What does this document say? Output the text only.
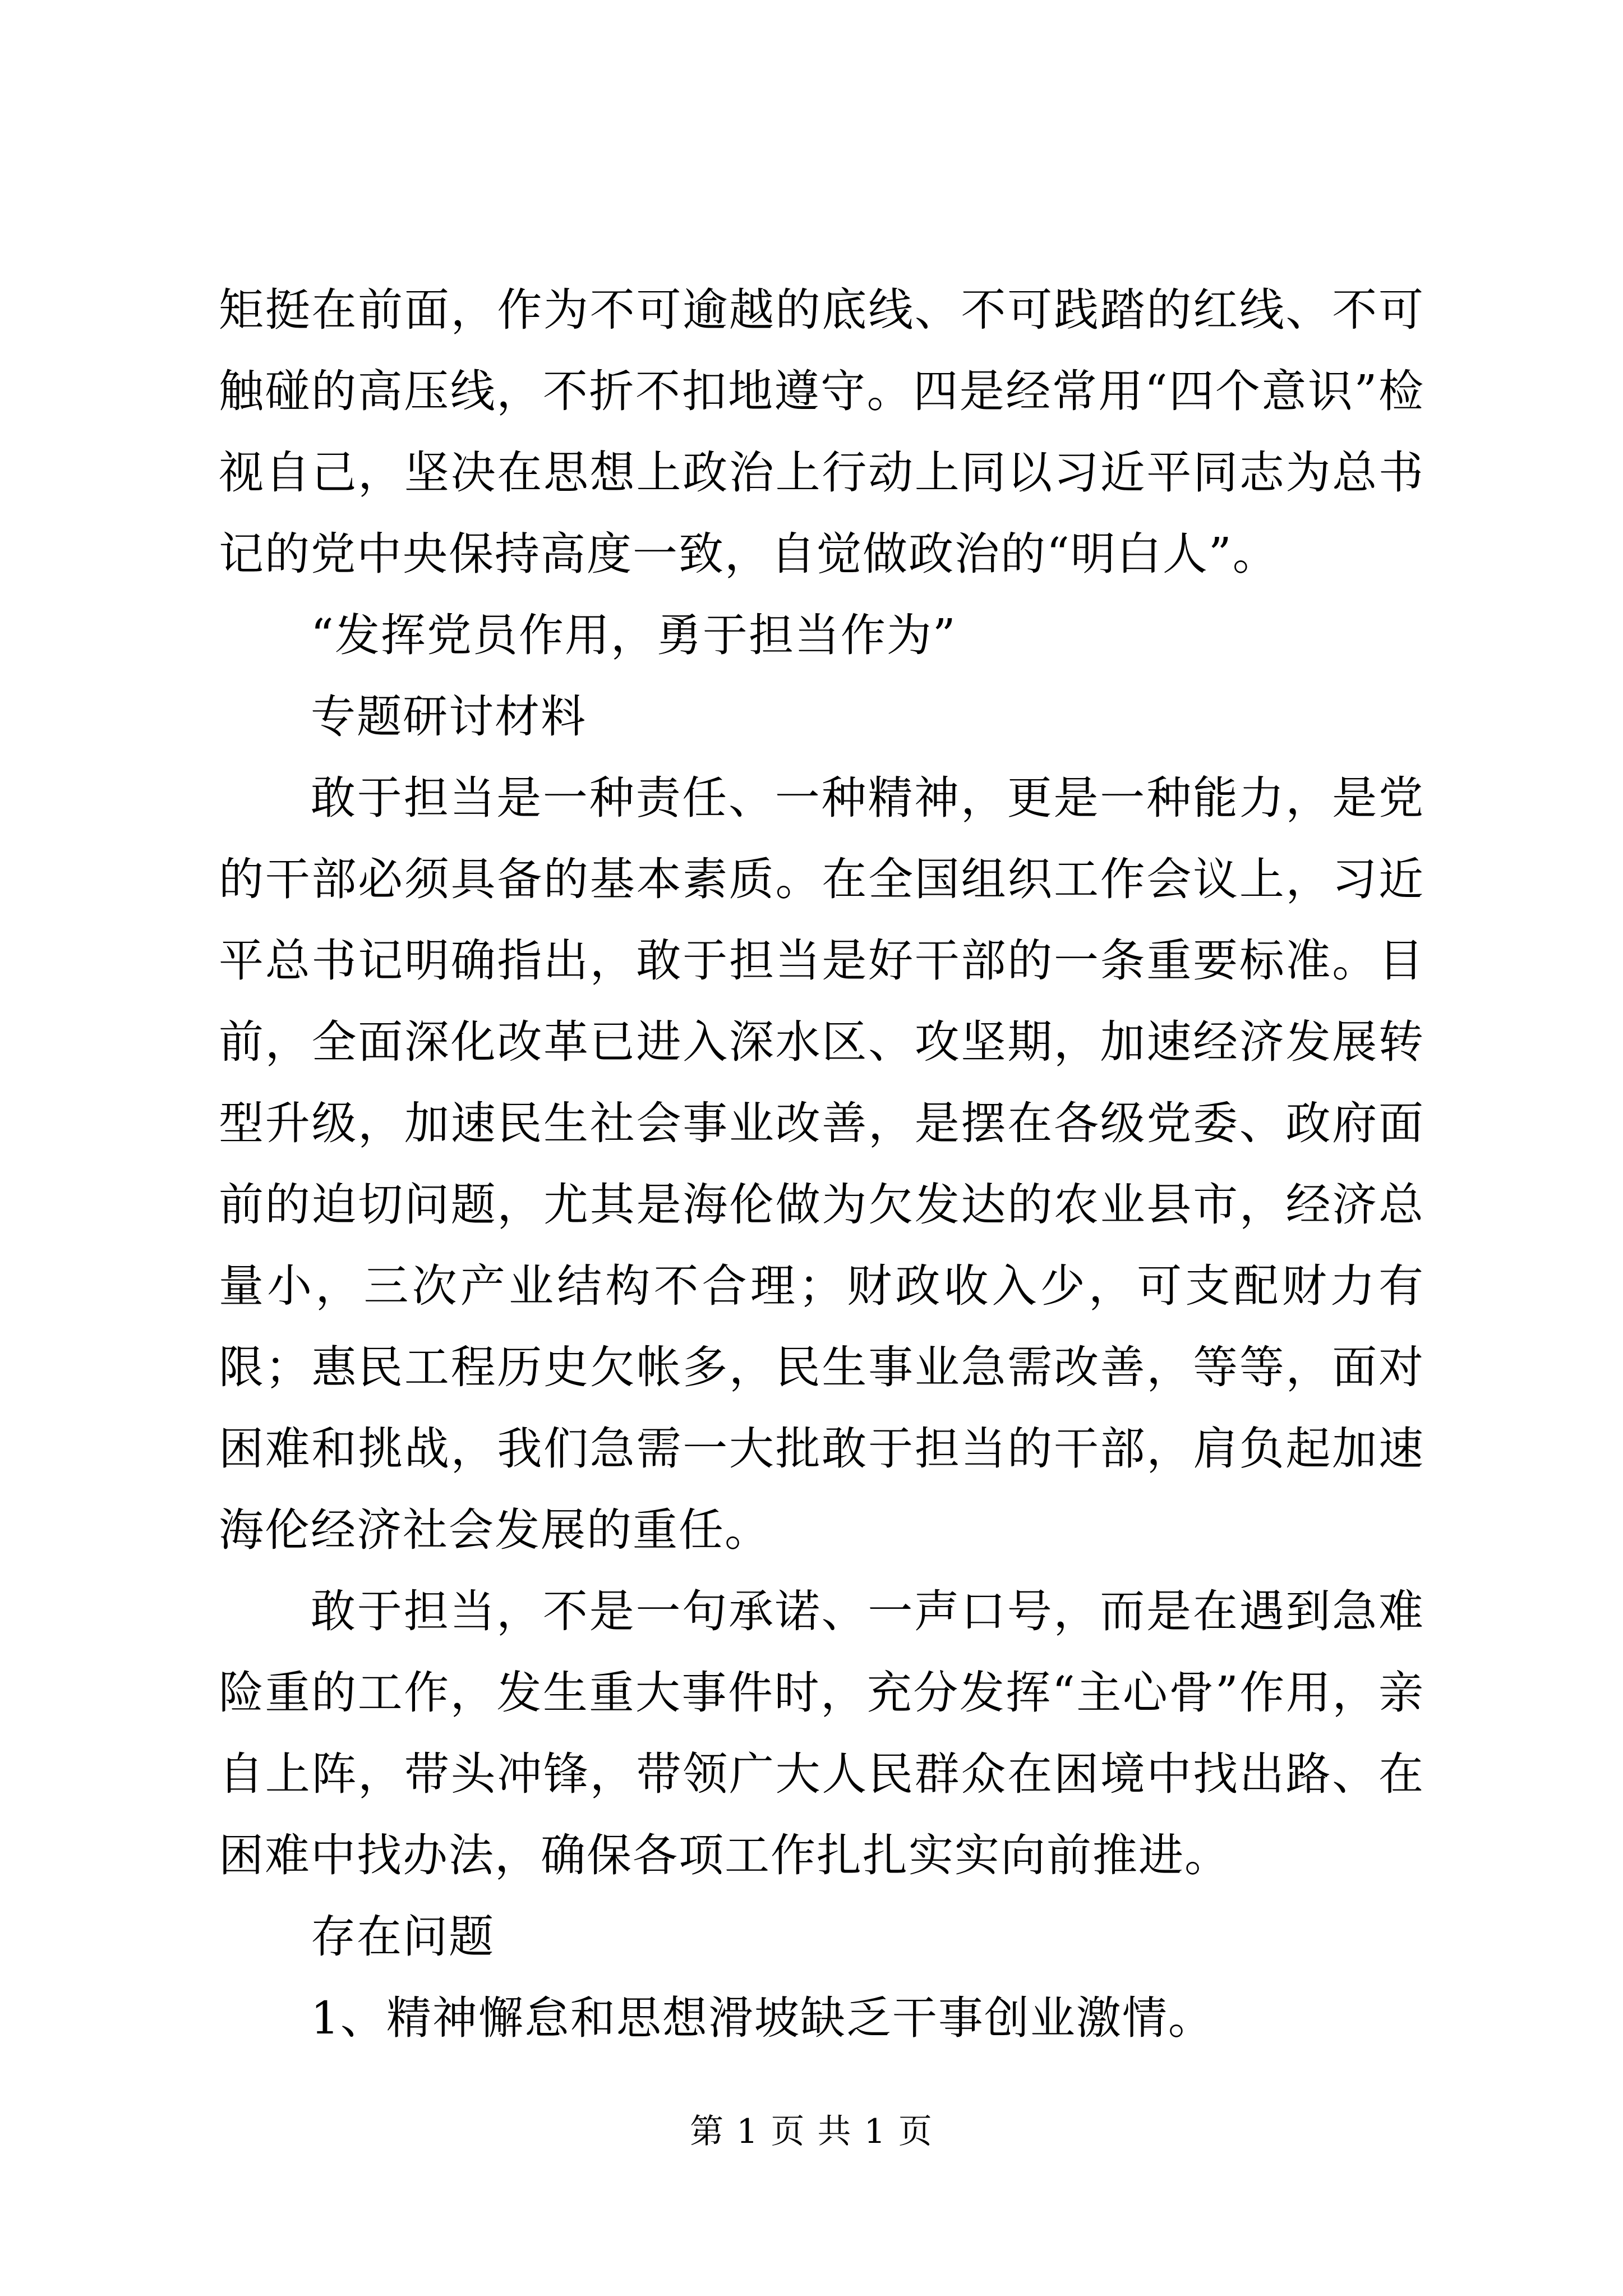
矩挺在前面，作为不可逾越的底线、不可践踏的红线、不可触碰的高压线，不折不扣地遵守。四是经常用“四个意识”检视自己，坚决在思想上政治上行动上同以习近平同志为总书记的党中央保持高度一致，自觉做政治的“明白人”。

“发挥党员作用，勇于担当作为”

专题研讨材料

敢于担当是一种责任、一种精神，更是一种能力，是党的干部必须具备的基本素质。在全国组织工作会议上，习近平总书记明确指出，敢于担当是好干部的一条重要标准。目前，全面深化改革已进入深水区、攻坚期，加速经济发展转型升级，加速民生社会事业改善，是摆在各级党委、政府面前的迫切问题，尤其是海伦做为欠发达的农业县市，经济总量小，三次产业结构不合理；财政收入少，可支配财力有限；惠民工程历史欠帐多，民生事业急需改善，等等，面对困难和挑战，我们急需一大批敢于担当的干部，肩负起加速海伦经济社会发展的重任。

敢于担当，不是一句承诺、一声口号，而是在遇到急难险重的工作，发生重大事件时，充分发挥“主心骨”作用，亲自上阵，带头冲锋，带领广大人民群众在困境中找出路、在困难中找办法，确保各项工作扎扎实实向前推进。

存在问题

1、精神懈怠和思想滑坡缺乏干事创业激情。

第 1 页 共 1 页
